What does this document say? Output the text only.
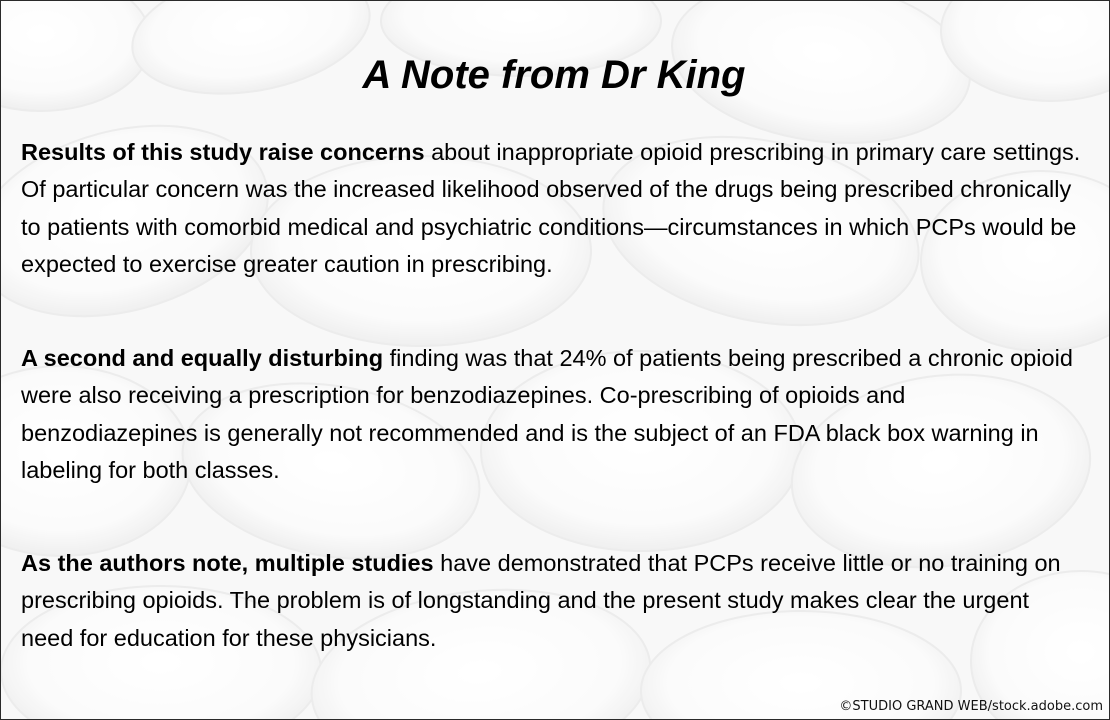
A Note from Dr King

Results of this study raise concerns about inappropriate opioid prescribing in primary care settings. Of particular concern was the increased likelihood observed of the drugs being prescribed chronically to patients with comorbid medical and psychiatric conditions—circumstances in which PCPs would be expected to exercise greater caution in prescribing.

A second and equally disturbing finding was that 24% of patients being prescribed a chronic opioid were also receiving a prescription for benzodiazepines. Co-prescribing of opioids and benzodiazepines is generally not recommended and is the subject of an FDA black box warning in labeling for both classes.

As the authors note, multiple studies have demonstrated that PCPs receive little or no training on prescribing opioids. The problem is of longstanding and the present study makes clear the urgent need for education for these physicians.

©STUDIO GRAND WEB/stock.adobe.com
